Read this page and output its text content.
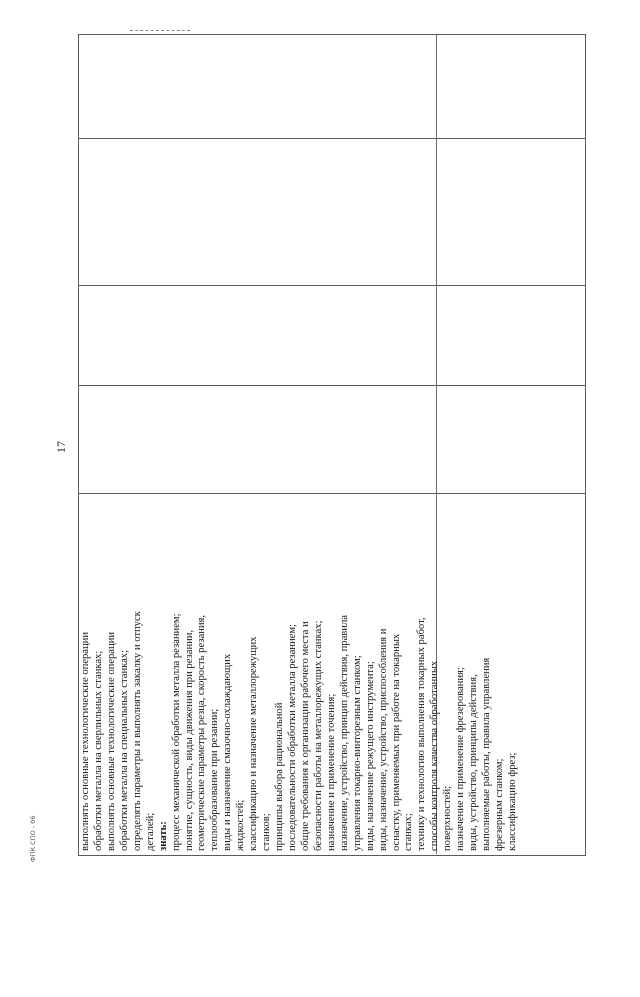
выполнять основные технологические операции обработки металла на сверлильных станках; выполнять основные технологические операции обработки металла на специальных станках; определять параметры и выполнять закалку и отпуск деталей; знать: процесс механической обработки металла резанием; понятие, сущность, виды движения при резании, геометрические параметры резца, скорость резания, теплообразование при резании; виды и назначение смазочно-охлаждающих жидкостей; классификацию и назначение металлорежущих станков; принципы выбора рациональной последовательности обработки металла резанием; общие требования к организации рабочего места и безопасности работы на металлорежущих станках; назначение и применение точения; назначение, устройство, принцип действия, правила управления токарно-винторезным станком; виды, назначение режущего инструмента; виды, назначение, устройство, приспособления и оснастку, применяемых при работе на токарных станках; технику и технологию выполнения токарных работ, способы контроля качества обработанных поверхностей; назначение и применение фрезерования; виды, устройство, принципы действия, выполняемые работы, правила управления фрезерным станком; классификацию фрез;
17
ФПК СПО - 06
